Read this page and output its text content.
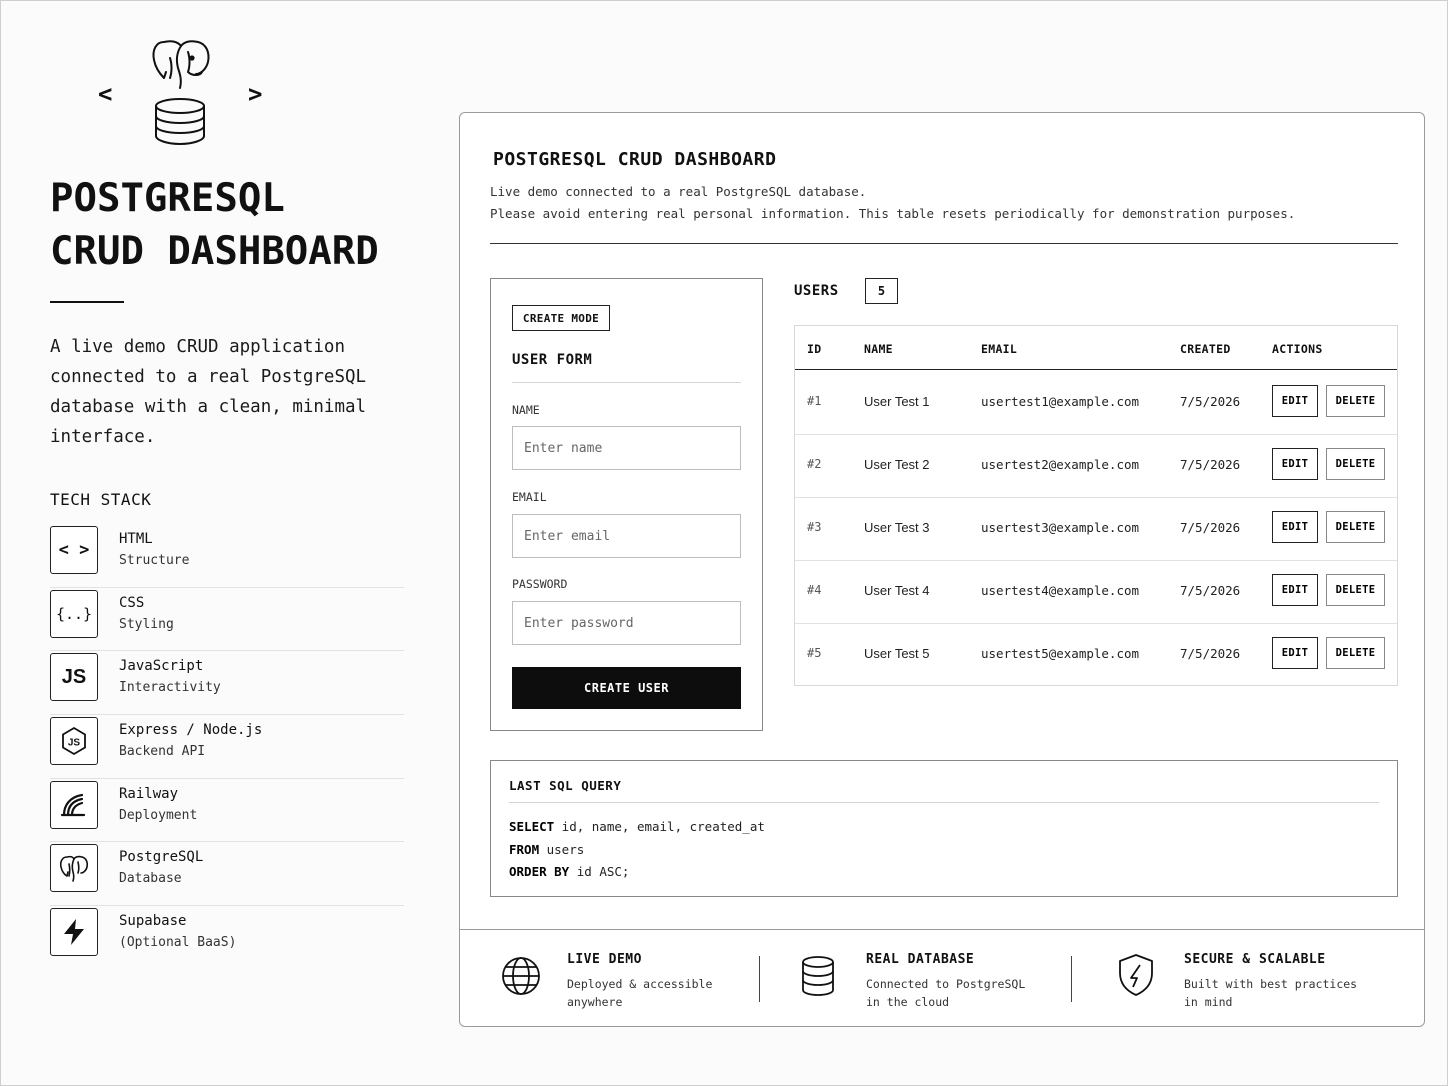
<	>
POSTGRESQL
CRUD DASHBOARD

A live demo CRUD application connected to a real PostgreSQL database with a clean, minimal interface.

TECH STACK
< >
HTML
Structure
{..}
CSS
Styling
JS JavaScript
Interactivity
JS
Express / Node.js
Backend API
Railway
Deployment
PostgreSQL
Database
Supabase
(Optional BaaS)
POSTGRESQL CRUD DASHBOARD
Live demo connected to a real PostgreSQL database.
Please avoid entering real personal information. This table resets periodically for demonstration purposes.
CREATE MODE
USER FORM
NAME
Enter name
EMAIL
Enter email
PASSWORD
CREATE USER
USERS	5
ID	NAME	EMAIL	CREATED	ACTIONS
#1	User Test 1	usertest1@example.com	7/5/2026	EDIT	DELETE
#2	User Test 2	usertest2@example.com	7/5/2026	EDIT	DELETE
#3	User Test 3	usertest3@example.com	7/5/2026	EDIT	DELETE
#4	User Test 4	usertest4@example.com	7/5/2026	EDIT	DELETE
#5	User Test 5	usertest5@example.com	7/5/2026	EDIT	DELETE
LAST SQL QUERY
SELECT id, name, email, created_at
FROM users
ORDER BY id ASC;
LIVE DEMO
Deployed & accessible
anywhere
REAL DATABASE
Connected to PostgreSQL
in the cloud
SECURE & SCALABLE
Built with best practices
in mind
